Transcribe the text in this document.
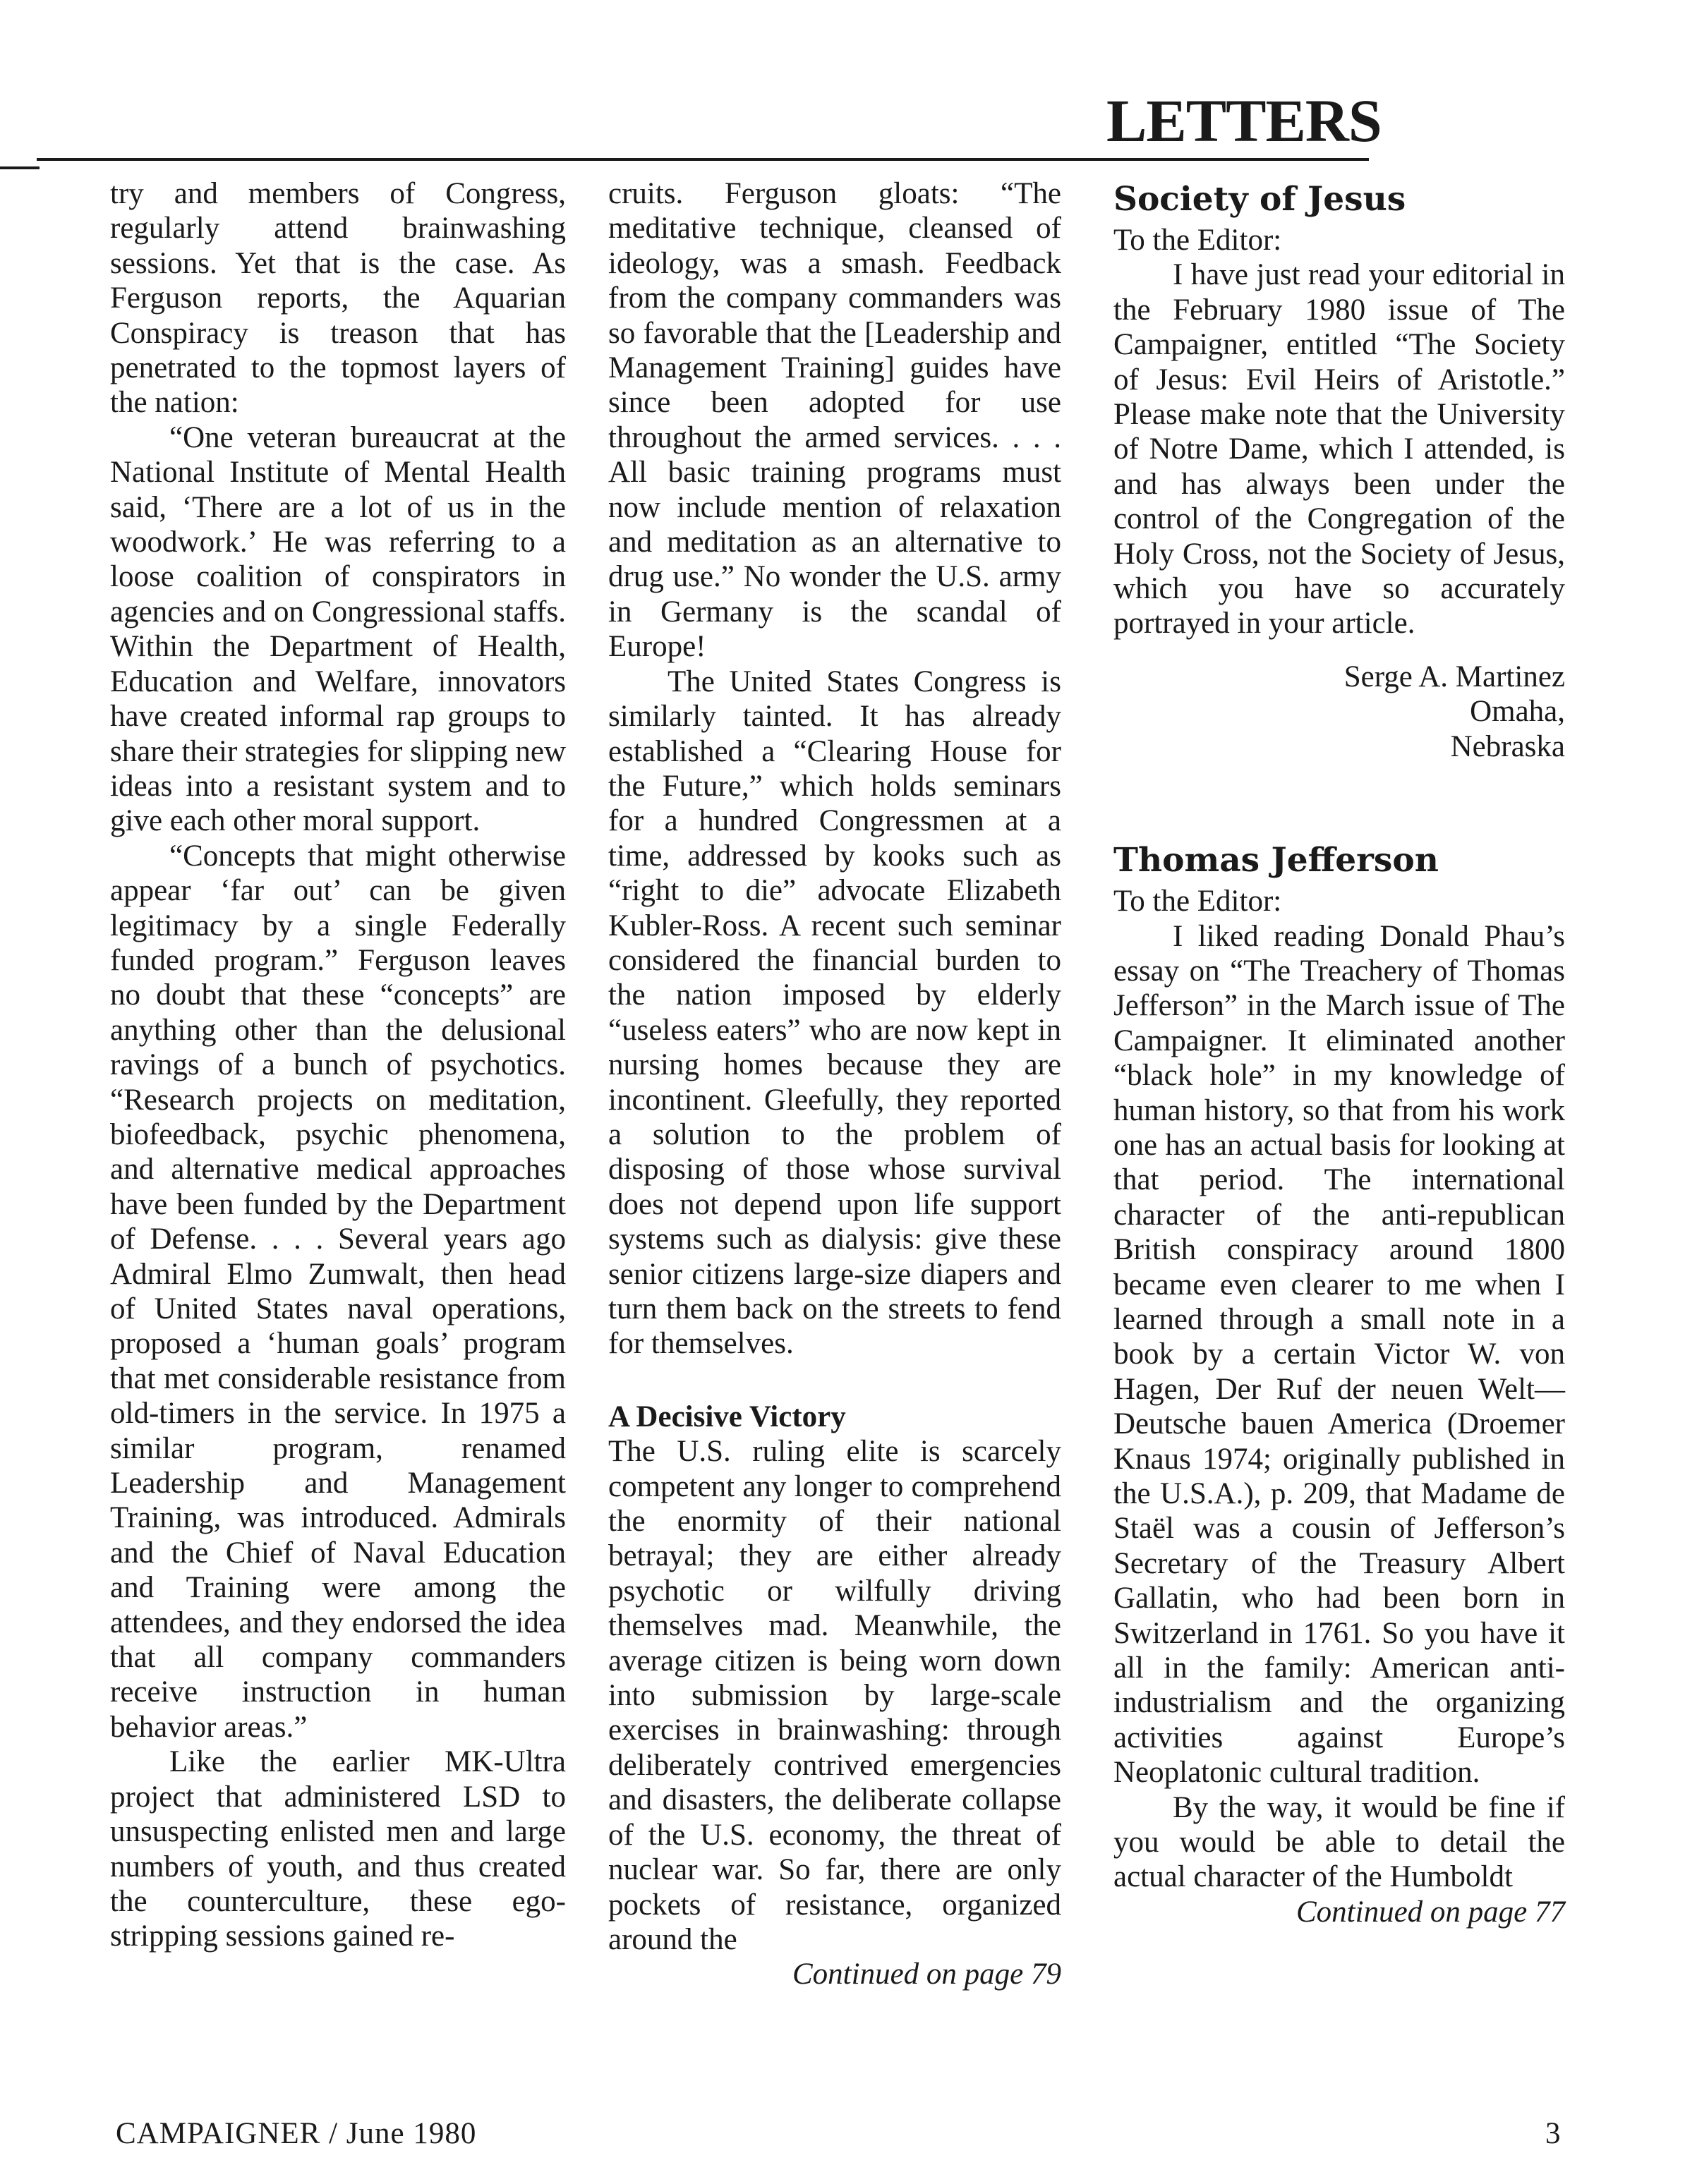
LETTERS

try and members of Congress, regularly attend brainwashing sessions. Yet that is the case. As Ferguson reports, the Aquarian Conspiracy is treason that has penetrated to the topmost layers of the nation:

“One veteran bureaucrat at the National Institute of Mental Health said, ‘There are a lot of us in the woodwork.’ He was referring to a loose coalition of conspirators in agencies and on Congressional staffs. Within the Department of Health, Education and Welfare, innovators have created informal rap groups to share their strategies for slipping new ideas into a resistant system and to give each other moral support.

“Concepts that might otherwise appear ‘far out’ can be given legitimacy by a single Federally funded program.” Ferguson leaves no doubt that these “concepts” are anything other than the delusional ravings of a bunch of psychotics. “Research projects on meditation, biofeedback, psychic phenomena, and alternative medical approaches have been funded by the Department of Defense. . . . Several years ago Admiral Elmo Zumwalt, then head of United States naval operations, proposed a ‘human goals’ program that met considerable resistance from old-timers in the service. In 1975 a similar program, renamed Leadership and Management Training, was introduced. Admirals and the Chief of Naval Education and Training were among the attendees, and they endorsed the idea that all company commanders receive instruction in human behavior areas.”

Like the earlier MK-Ultra project that administered LSD to unsuspecting enlisted men and large numbers of youth, and thus created the counterculture, these ego-stripping sessions gained re-

cruits. Ferguson gloats: “The meditative technique, cleansed of ideology, was a smash. Feedback from the company commanders was so favorable that the [Leadership and Management Training] guides have since been adopted for use throughout the armed services. . . . All basic training programs must now include mention of relaxation and meditation as an alternative to drug use.” No wonder the U.S. army in Germany is the scandal of Europe!

The United States Congress is similarly tainted. It has already established a “Clearing House for the Future,” which holds seminars for a hundred Congressmen at a time, addressed by kooks such as “right to die” advocate Elizabeth Kubler-Ross. A recent such seminar considered the financial burden to the nation imposed by elderly “useless eaters” who are now kept in nursing homes because they are incontinent. Gleefully, they reported a solution to the problem of disposing of those whose survival does not depend upon life support systems such as dialysis: give these senior citizens large-size diapers and turn them back on the streets to fend for themselves.

A Decisive Victory

The U.S. ruling elite is scarcely competent any longer to comprehend the enormity of their national betrayal; they are either already psychotic or wilfully driving themselves mad. Meanwhile, the average citizen is being worn down into submission by large-scale exercises in brainwashing: through deliberately contrived emergencies and disasters, the deliberate collapse of the U.S. economy, the threat of nuclear war. So far, there are only pockets of resistance, organized around the

Continued on page 79

Society of Jesus

To the Editor:

I have just read your editorial in the February 1980 issue of The Campaigner, entitled “The Society of Jesus: Evil Heirs of Aristotle.” Please make note that the University of Notre Dame, which I attended, is and has always been under the control of the Congregation of the Holy Cross, not the Society of Jesus, which you have so accurately portrayed in your article.

Serge A. Martinez
Omaha,
Nebraska

Thomas Jefferson

To the Editor:

I liked reading Donald Phau’s essay on “The Treachery of Thomas Jefferson” in the March issue of The Campaigner. It eliminated another “black hole” in my knowledge of human history, so that from his work one has an actual basis for looking at that period. The international character of the anti-republican British conspiracy around 1800 became even clearer to me when I learned through a small note in a book by a certain Victor W. von Hagen, Der Ruf der neuen Welt—Deutsche bauen America (Droemer Knaus 1974; originally published in the U.S.A.), p. 209, that Madame de Staël was a cousin of Jefferson’s Secretary of the Treasury Albert Gallatin, who had been born in Switzerland in 1761. So you have it all in the family: American anti-industrialism and the organizing activities against Europe’s Neoplatonic cultural tradition.

By the way, it would be fine if you would be able to detail the actual character of the Humboldt

Continued on page 77

CAMPAIGNER / June 1980	3
